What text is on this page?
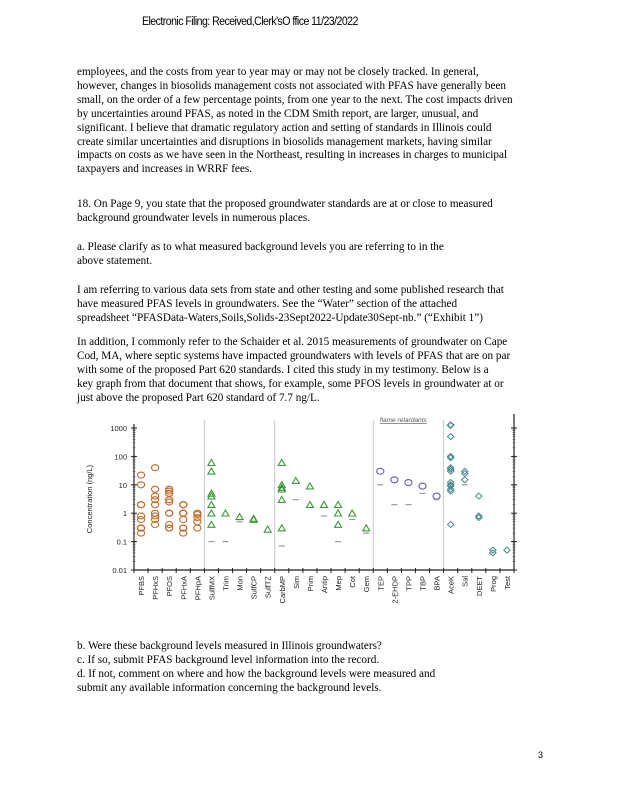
Electronic Filing: Received,Clerk'sO ffice 11/23/2022
employees, and the costs from year to year may or may not be closely tracked. In general,
however, changes in biosolids management costs not associated with PFAS have generally been
small, on the order of a few percentage points, from one year to the next. The cost impacts driven
by uncertainties around PFAS, as noted in the CDM Smith report, are larger, unusual, and
significant. I believe that dramatic regulatory action and setting of standards in Illinois could
create similar uncertainties and disruptions in biosolids management markets, having similar
impacts on costs as we have seen in the Northeast, resulting in increases in charges to municipal
taxpayers and increases in WRRF fees.
18. On Page 9, you state that the proposed groundwater standards are at or close to measured
background groundwater levels in numerous places.
a. Please clarify as to what measured background levels you are referring to in the
above statement.
I am referring to various data sets from state and other testing and some published research that
have measured PFAS levels in groundwaters. See the “Water” section of the attached
spreadsheet “PFASData-Waters,Soils,Solids-23Sept2022-Update30Sept-nb.” (“Exhibit 1”)
In addition, I commonly refer to the Schaider et al. 2015 measurements of groundwater on Cape
Cod, MA, where septic systems have impacted groundwaters with levels of PFAS that are on par
with some of the proposed Part 620 standards. I cited this study in my testimony. Below is a
key graph from that document that shows, for example, some PFOS levels in groundwater at or
just above the proposed Part 620 standard of 7.7 ng/L.
b. Were these background levels measured in Illinois groundwaters?
c. If so, submit PFAS background level information into the record.
d. If not, comment on where and how the background levels were measured and
submit any available information concerning the background levels.
1000
100
10
1
0.1
0.01
Concentration (ng/L)
flame retardants
PFBS PFHxS PFOS PFHxA PFHpA SulfMX Trim Mon SulfCP SulfTZ CarbMP Sim Prim Antip Mep Cot Gem TEP 2-EHDP TPP TBP BPA AceK Sal DEET Prog Test
3
